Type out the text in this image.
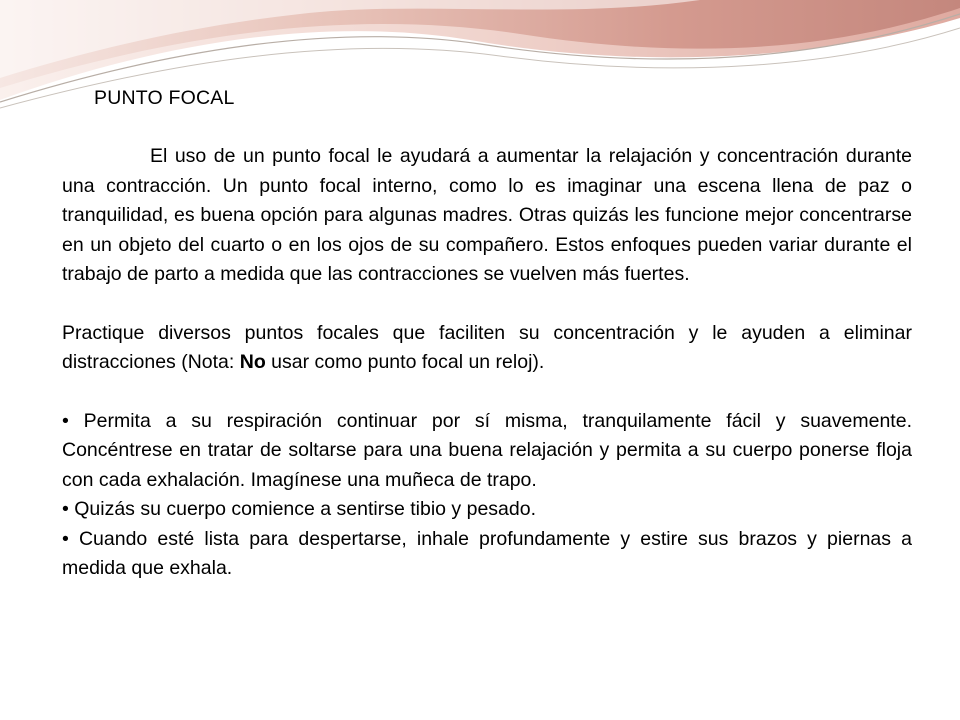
PUNTO FOCAL

El uso de un punto focal le ayudará a aumentar la relajación y concentración durante una contracción. Un punto focal interno, como lo es imaginar una escena llena de paz o tranquilidad, es buena opción para algunas madres. Otras quizás les funcione mejor concentrarse en un objeto del cuarto o en los ojos de su compañero. Estos enfoques pueden variar durante el trabajo de parto a medida que las contracciones se vuelven más fuertes.

Practique diversos puntos focales que faciliten su concentración y le ayuden a eliminar distracciones (Nota: No usar como punto focal un reloj).

• Permita a su respiración continuar por sí misma, tranquilamente fácil y suavemente. Concéntrese en tratar de soltarse para una buena relajación y permita a su cuerpo ponerse floja con cada exhalación. Imagínese una muñeca de trapo.

• Quizás su cuerpo comience a sentirse tibio y pesado.

• Cuando esté lista para despertarse, inhale profundamente y estire sus brazos y piernas a medida que exhala.
